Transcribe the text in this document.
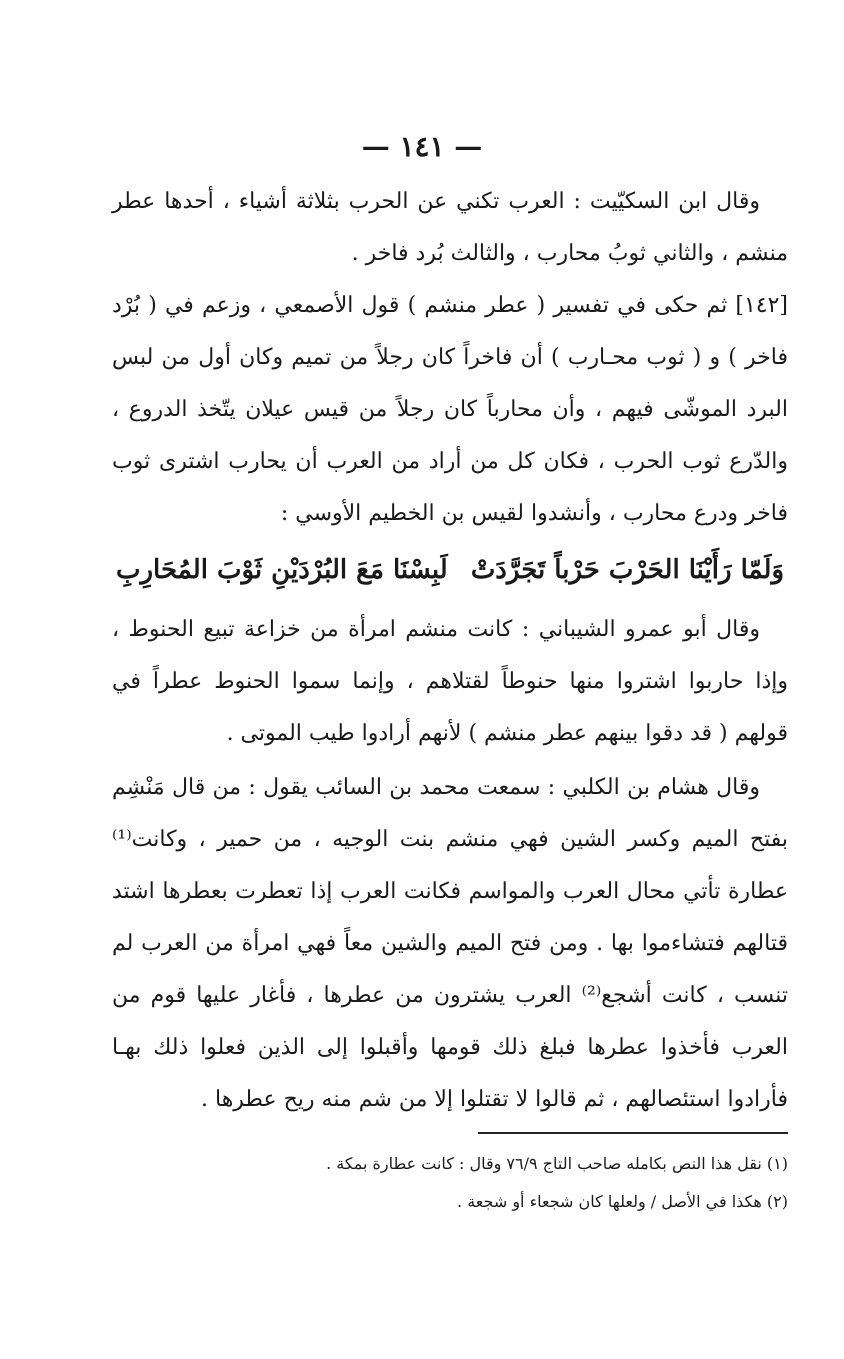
— ١٤١ —

وقال ابن السكيّيت : العرب تكني عن الحرب بثلاثة أشياء ، أحدها عطر منشم ، والثاني ثوبُ محارب ، والثالث بُرد فاخر .

[١٤٢] ثم حكى في تفسير ( عطر منشم ) قول الأصمعي ، وزعم في ( بُرْد فاخر ) و ( ثوب محـارب ) أن فاخراً كان رجلاً من تميم وكان أول من لبس البرد الموشّى فيهم ، وأن محارباً كان رجلاً من قيس عيلان يتّخذ الدروع ، والدّرع ثوب الحرب ، فكان كل من أراد من العرب أن يحارب اشترى ثوب فاخر ودرع محارب ، وأنشدوا لقيس بن الخطيم الأوسي :

وَلَمّا رَأَيْنَا الحَرْبَ حَرْباً تَجَرَّدَتْ
لَبِسْنَا مَعَ البُرْدَيْنِ ثَوْبَ المُحَارِبِ

وقال أبو عمرو الشيباني : كانت منشم امرأة من خزاعة تبيع الحنوط ، وإذا حاربوا اشتروا منها حنوطاً لقتلاهم ، وإنما سموا الحنوط عطراً في قولهم ( قد دقوا بينهم عطر منشم ) لأنهم أرادوا طيب الموتى .

وقال هشام بن الكلبي : سمعت محمد بن السائب يقول : من قال مَنْشِم بفتح الميم وكسر الشين فهي منشم بنت الوجيه ، من حمير ، وكانت⁽¹⁾ عطارة تأتي محال العرب والمواسم فكانت العرب إذا تعطرت بعطرها اشتد قتالهم فتشاءموا بها . ومن فتح الميم والشين معاً فهي امرأة من العرب لم تنسب ، كانت أشجع⁽²⁾ العرب يشترون من عطرها ، فأغار عليها قوم من العرب فأخذوا عطرها فبلغ ذلك قومها وأقبلوا إلى الذين فعلوا ذلك بهـا فأرادوا استئصالهم ، ثم قالوا لا تقتلوا إلا من شم منه ريح عطرها .

(١) نقل هذا النص بكامله صاحب التاج ٧٦/٩ وقال : كانت عطارة بمكة .

(٢) هكذا في الأصل / ولعلها كان شجعاء أو شجعة .
